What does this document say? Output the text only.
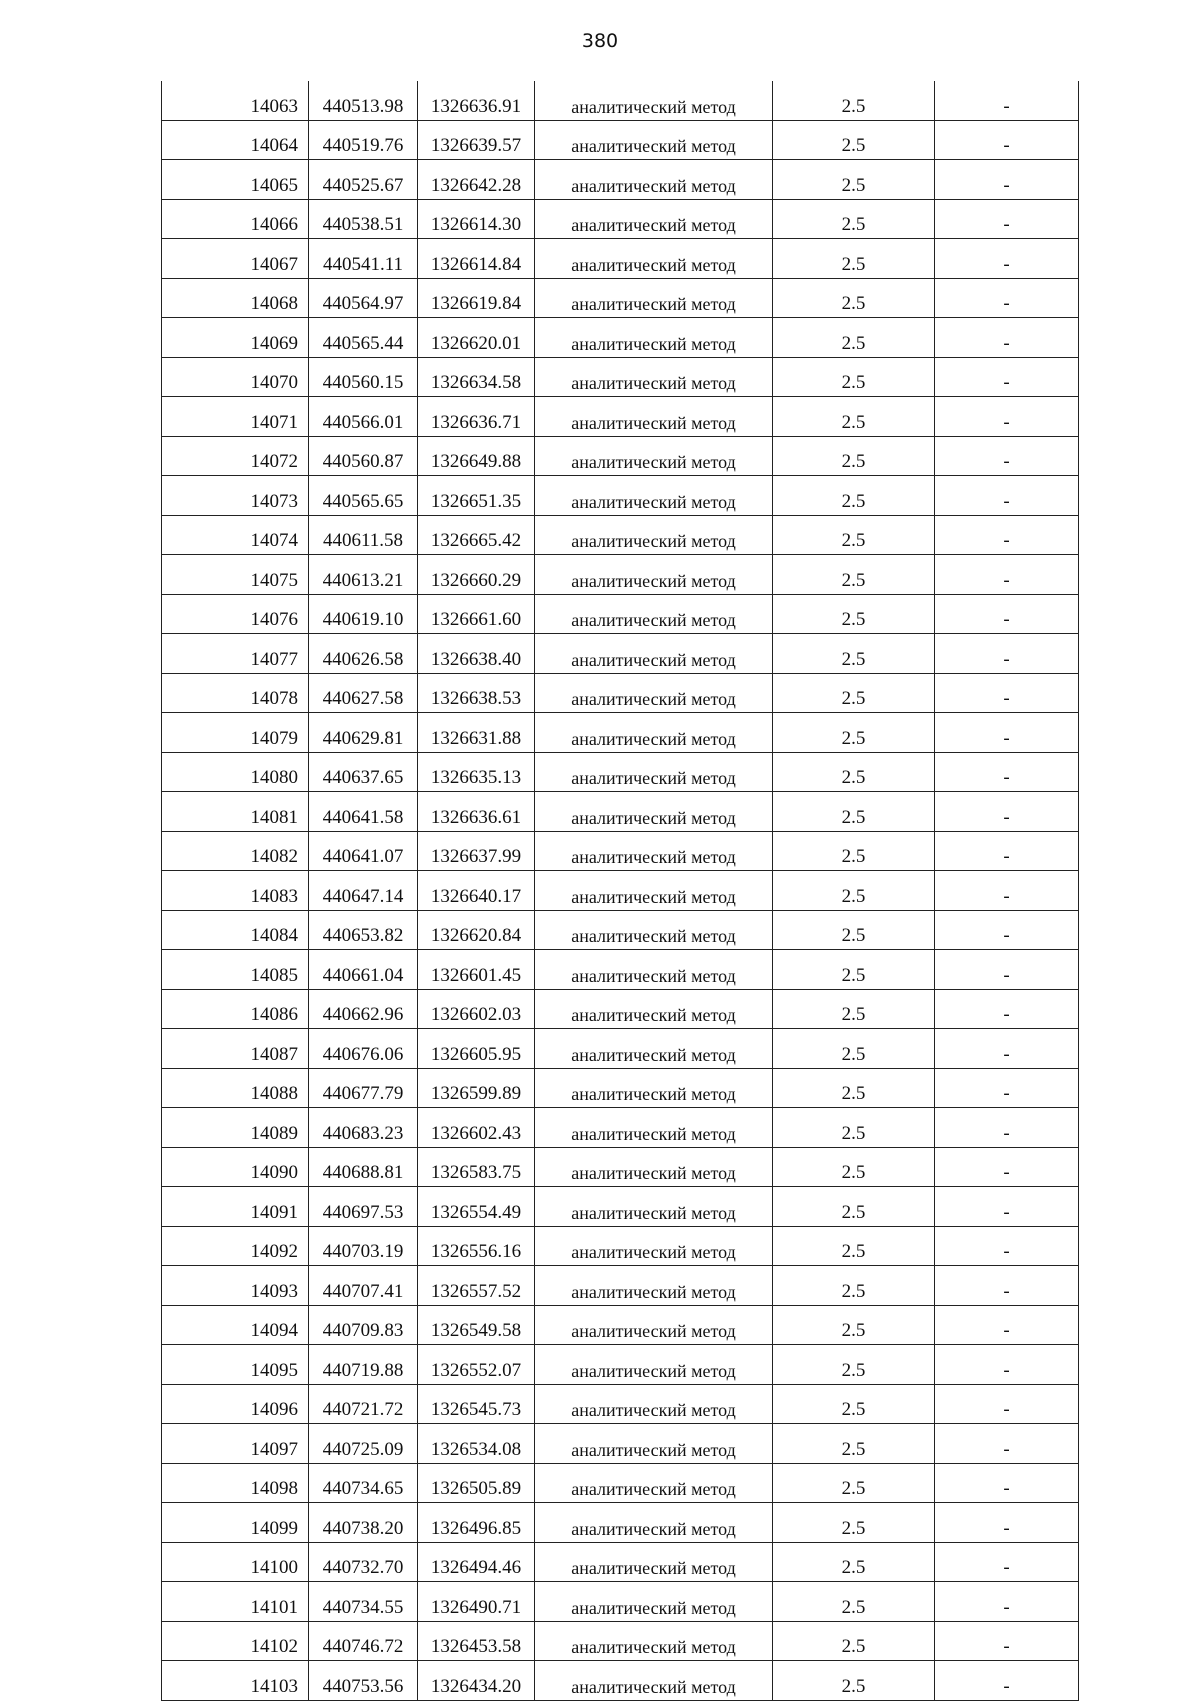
380
14063	440513.98	1326636.91	аналитический метод	2.5	-
14064	440519.76	1326639.57	аналитический метод	2.5	-
14065	440525.67	1326642.28	аналитический метод	2.5	-
14066	440538.51	1326614.30	аналитический метод	2.5	-
14067	440541.11	1326614.84	аналитический метод	2.5	-
14068	440564.97	1326619.84	аналитический метод	2.5	-
14069	440565.44	1326620.01	аналитический метод	2.5	-
14070	440560.15	1326634.58	аналитический метод	2.5	-
14071	440566.01	1326636.71	аналитический метод	2.5	-
14072	440560.87	1326649.88	аналитический метод	2.5	-
14073	440565.65	1326651.35	аналитический метод	2.5	-
14074	440611.58	1326665.42	аналитический метод	2.5	-
14075	440613.21	1326660.29	аналитический метод	2.5	-
14076	440619.10	1326661.60	аналитический метод	2.5	-
14077	440626.58	1326638.40	аналитический метод	2.5	-
14078	440627.58	1326638.53	аналитический метод	2.5	-
14079	440629.81	1326631.88	аналитический метод	2.5	-
14080	440637.65	1326635.13	аналитический метод	2.5	-
14081	440641.58	1326636.61	аналитический метод	2.5	-
14082	440641.07	1326637.99	аналитический метод	2.5	-
14083	440647.14	1326640.17	аналитический метод	2.5	-
14084	440653.82	1326620.84	аналитический метод	2.5	-
14085	440661.04	1326601.45	аналитический метод	2.5	-
14086	440662.96	1326602.03	аналитический метод	2.5	-
14087	440676.06	1326605.95	аналитический метод	2.5	-
14088	440677.79	1326599.89	аналитический метод	2.5	-
14089	440683.23	1326602.43	аналитический метод	2.5	-
14090	440688.81	1326583.75	аналитический метод	2.5	-
14091	440697.53	1326554.49	аналитический метод	2.5	-
14092	440703.19	1326556.16	аналитический метод	2.5	-
14093	440707.41	1326557.52	аналитический метод	2.5	-
14094	440709.83	1326549.58	аналитический метод	2.5	-
14095	440719.88	1326552.07	аналитический метод	2.5	-
14096	440721.72	1326545.73	аналитический метод	2.5	-
14097	440725.09	1326534.08	аналитический метод	2.5	-
14098	440734.65	1326505.89	аналитический метод	2.5	-
14099	440738.20	1326496.85	аналитический метод	2.5	-
14100	440732.70	1326494.46	аналитический метод	2.5	-
14101	440734.55	1326490.71	аналитический метод	2.5	-
14102	440746.72	1326453.58	аналитический метод	2.5	-
14103	440753.56	1326434.20	аналитический метод	2.5	-
